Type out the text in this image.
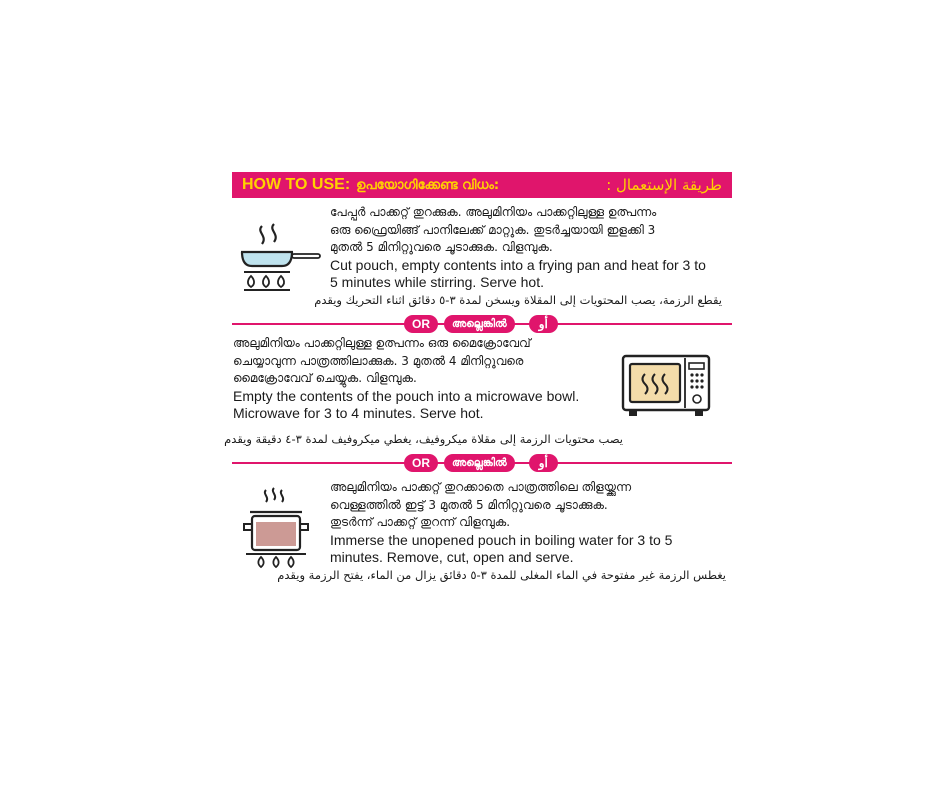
HOW TO USE: ഉപയോഗിക്കേണ്ട വിധം:	طريقة الإستعمال :
പേപ്പർ പാക്കറ്റ് തുറക്കുക. അലുമിനിയം പാക്കറ്റിലുള്ള ഉത്പന്നം
ഒരു ഫ്രൈയിങ്ങ് പാനിലേക്ക് മാറ്റുക. തുടർച്ചയായി ഇളക്കി 3
മുതൽ 5 മിനിറ്റുവരെ ചൂടാക്കുക. വിളമ്പുക.
Cut pouch, empty contents into a frying pan and heat for 3 to
5 minutes while stirring. Serve hot.
يقطع الرزمة، يصب المحتويات إلى المقلاة ويسخن لمدة ٣-٥ دقائق اثناء التحريك ويقدم
OR	അല്ലെങ്കിൽ	أو
അലുമിനിയം പാക്കറ്റിലുള്ള ഉത്പന്നം ഒരു മൈക്രോവേവ്
ചെയ്യാവുന്ന പാത്രത്തിലാക്കുക. 3 മുതൽ 4 മിനിറ്റുവരെ
മൈക്രോവേവ് ചെയ്യുക. വിളമ്പുക.
Empty the contents of the pouch into a microwave bowl.
Microwave for 3 to 4 minutes. Serve hot.
يصب محتويات الرزمة إلى مقلاة ميكروفيف، يغطي ميكروفيف لمدة ٣-٤ دقيقة ويقدم
OR	അല്ലെങ്കിൽ	أو
അലുമിനിയം പാക്കറ്റ് തുറക്കാതെ പാത്രത്തിലെ തിളയ്ക്കുന്ന
വെള്ളത്തിൽ ഇട്ട് 3 മുതൽ 5 മിനിറ്റുവരെ ചൂടാക്കുക.
തുടർന്ന് പാക്കറ്റ് തുറന്ന് വിളമ്പുക.
Immerse the unopened pouch in boiling water for 3 to 5
minutes. Remove, cut, open and serve.
يغطس الرزمة غير مفتوحة في الماء المغلى للمدة ٣-٥ دقائق يزال من الماء، يفتح الرزمة ويقدم
